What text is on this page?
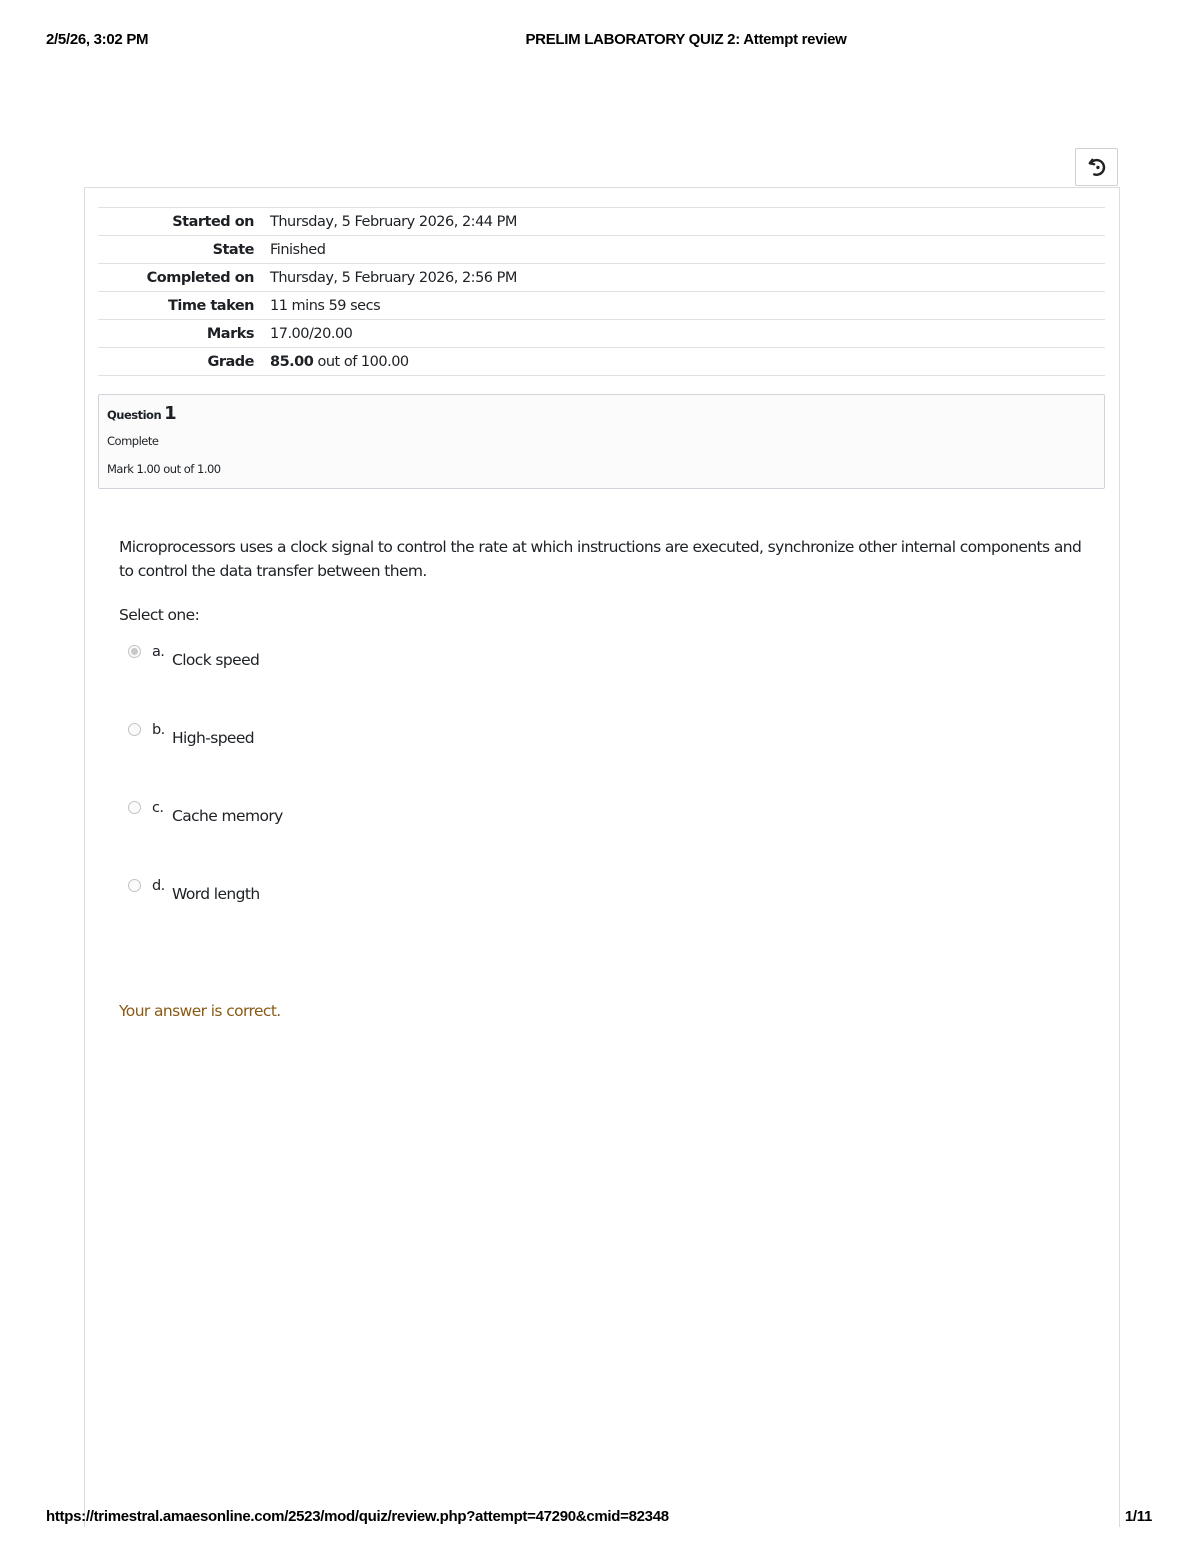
2/5/26, 3:02 PM	PRELIM LABORATORY QUIZ 2: Attempt review
Started on	Thursday, 5 February 2026, 2:44 PM
State	Finished
Completed on	Thursday, 5 February 2026, 2:56 PM
Time taken	11 mins 59 secs
Marks	17.00/20.00
Grade	85.00 out of 100.00
Question 1
Complete
Mark 1.00 out of 1.00
Microprocessors uses a clock signal to control the rate at which instructions are executed, synchronize other internal components and to control the data transfer between them.
Select one:
a. Clock speed
b. High-speed
c. Cache memory
d. Word length
Your answer is correct.
https://trimestral.amaesonline.com/2523/mod/quiz/review.php?attempt=47290&cmid=82348	1/11
